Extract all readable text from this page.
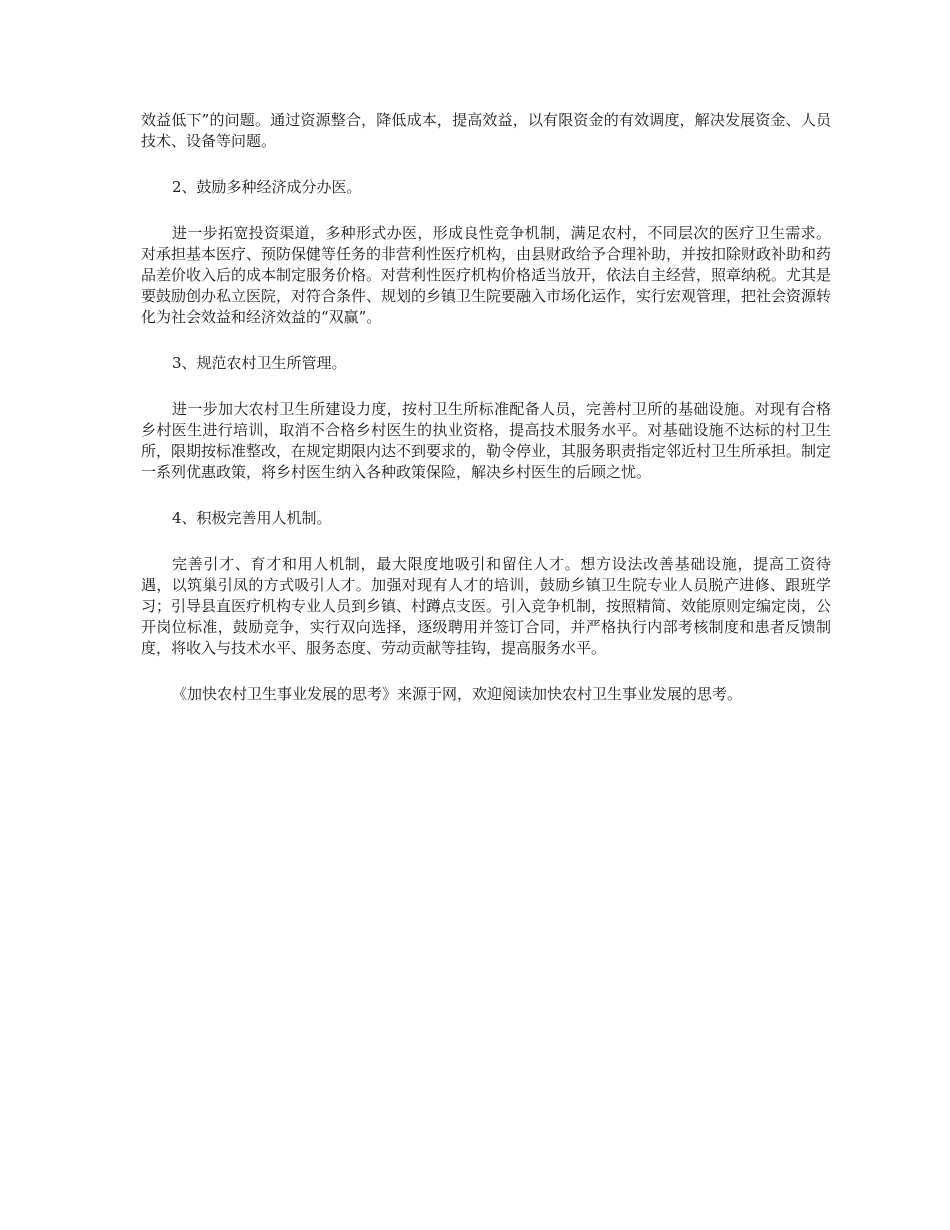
效益低下”的问题。通过资源整合，降低成本，提高效益，以有限资金的有效调度，解决发展资金、人员技术、设备等问题。

2、鼓励多种经济成分办医。

进一步拓宽投资渠道，多种形式办医，形成良性竞争机制，满足农村，不同层次的医疗卫生需求。对承担基本医疗、预防保健等任务的非营利性医疗机构，由县财政给予合理补助，并按扣除财政补助和药品差价收入后的成本制定服务价格。对营利性医疗机构价格适当放开，依法自主经营，照章纳税。尤其是要鼓励创办私立医院，对符合条件、规划的乡镇卫生院要融入市场化运作，实行宏观管理，把社会资源转化为社会效益和经济效益的“双赢”。

3、规范农村卫生所管理。

进一步加大农村卫生所建设力度，按村卫生所标准配备人员，完善村卫所的基础设施。对现有合格乡村医生进行培训，取消不合格乡村医生的执业资格，提高技术服务水平。对基础设施不达标的村卫生所，限期按标准整改，在规定期限内达不到要求的，勒令停业，其服务职责指定邻近村卫生所承担。制定一系列优惠政策，将乡村医生纳入各种政策保险，解决乡村医生的后顾之忧。

4、积极完善用人机制。

完善引才、育才和用人机制，最大限度地吸引和留住人才。想方设法改善基础设施，提高工资待遇，以筑巢引凤的方式吸引人才。加强对现有人才的培训，鼓励乡镇卫生院专业人员脱产进修、跟班学习；引导县直医疗机构专业人员到乡镇、村蹲点支医。引入竞争机制，按照精简、效能原则定编定岗，公开岗位标准，鼓励竞争，实行双向选择，逐级聘用并签订合同，并严格执行内部考核制度和患者反馈制度，将收入与技术水平、服务态度、劳动贡献等挂钩，提高服务水平。

《加快农村卫生事业发展的思考》来源于网，欢迎阅读加快农村卫生事业发展的思考。
